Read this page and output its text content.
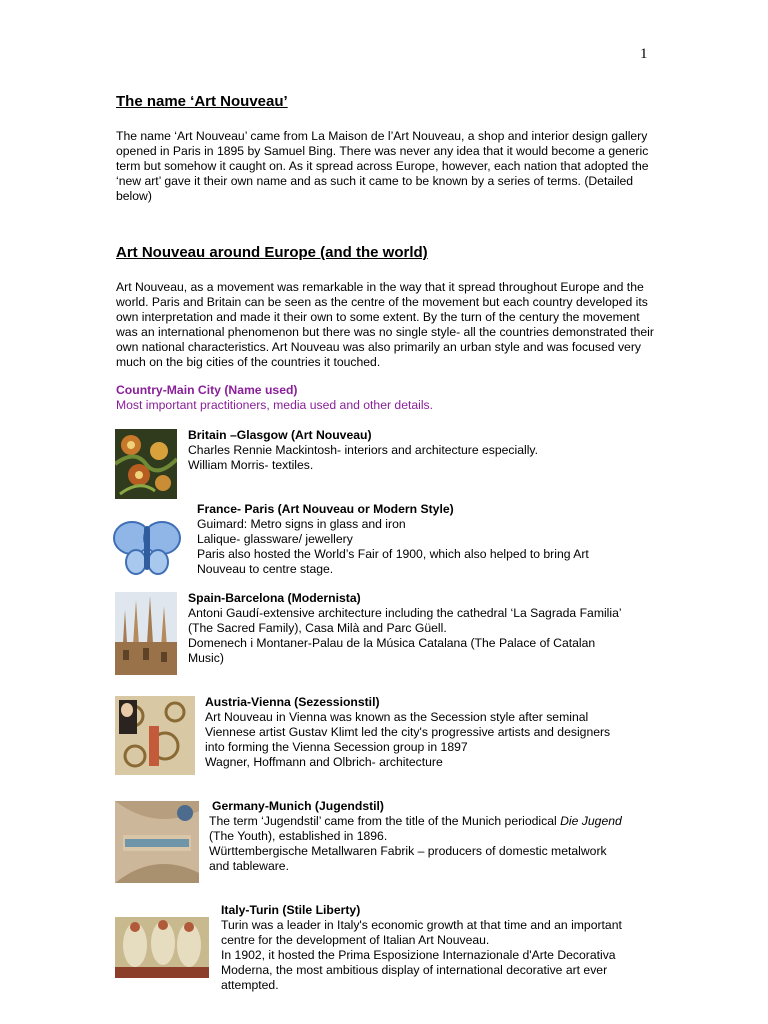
1
The name ‘Art Nouveau’

The name ‘Art Nouveau’ came from La Maison de l’Art Nouveau, a shop and interior design gallery opened in Paris in 1895 by Samuel Bing. There was never any idea that it would become a generic term but somehow it caught on. As it spread across Europe, however, each nation that adopted the ‘new art’ gave it their own name and as such it came to be known by a series of terms. (Detailed below)

Art Nouveau around Europe (and the world)

Art Nouveau, as a movement was remarkable in the way that it spread throughout Europe and the world. Paris and Britain can be seen as the centre of the movement but each country developed its own interpretation and made it their own to some extent. By the turn of the century the movement was an international phenomenon but there was no single style- all the countries demonstrated their own national characteristics. Art Nouveau was also primarily an urban style and was focused very much on the big cities of the countries it touched.

Country-Main City (Name used)
Most important practitioners, media used and other details.
Britain –Glasgow (Art Nouveau)
Charles Rennie Mackintosh- interiors and architecture especially.
William Morris- textiles.
France- Paris (Art Nouveau or Modern Style)
Guimard: Metro signs in glass and iron
Lalique- glassware/ jewellery
Paris also hosted the World’s Fair of 1900, which also helped to bring Art
Nouveau to centre stage.
Spain-Barcelona (Modernista)
Antoni Gaudí-extensive architecture including the cathedral ‘La Sagrada Familia’
(The Sacred Family), Casa Milà and Parc Güell.
Domenech i Montaner-Palau de la Música Catalana (The Palace of Catalan
Music)
Austria-Vienna (Sezessionstil)
Art Nouveau in Vienna was known as the Secession style after seminal
Viennese artist Gustav Klimt led the city's progressive artists and designers
into forming the Vienna Secession group in 1897
Wagner, Hoffmann and Olbrich- architecture
Germany-Munich (Jugendstil)
The term ‘Jugendstil’ came from the title of the Munich periodical Die Jugend
(The Youth), established in 1896.
Württembergische Metallwaren Fabrik – producers of domestic metalwork
and tableware.
Italy-Turin (Stile Liberty)
Turin was a leader in Italy's economic growth at that time and an important
centre for the development of Italian Art Nouveau.
In 1902, it hosted the Prima Esposizione Internazionale d'Arte Decorativa
Moderna, the most ambitious display of international decorative art ever
attempted.
